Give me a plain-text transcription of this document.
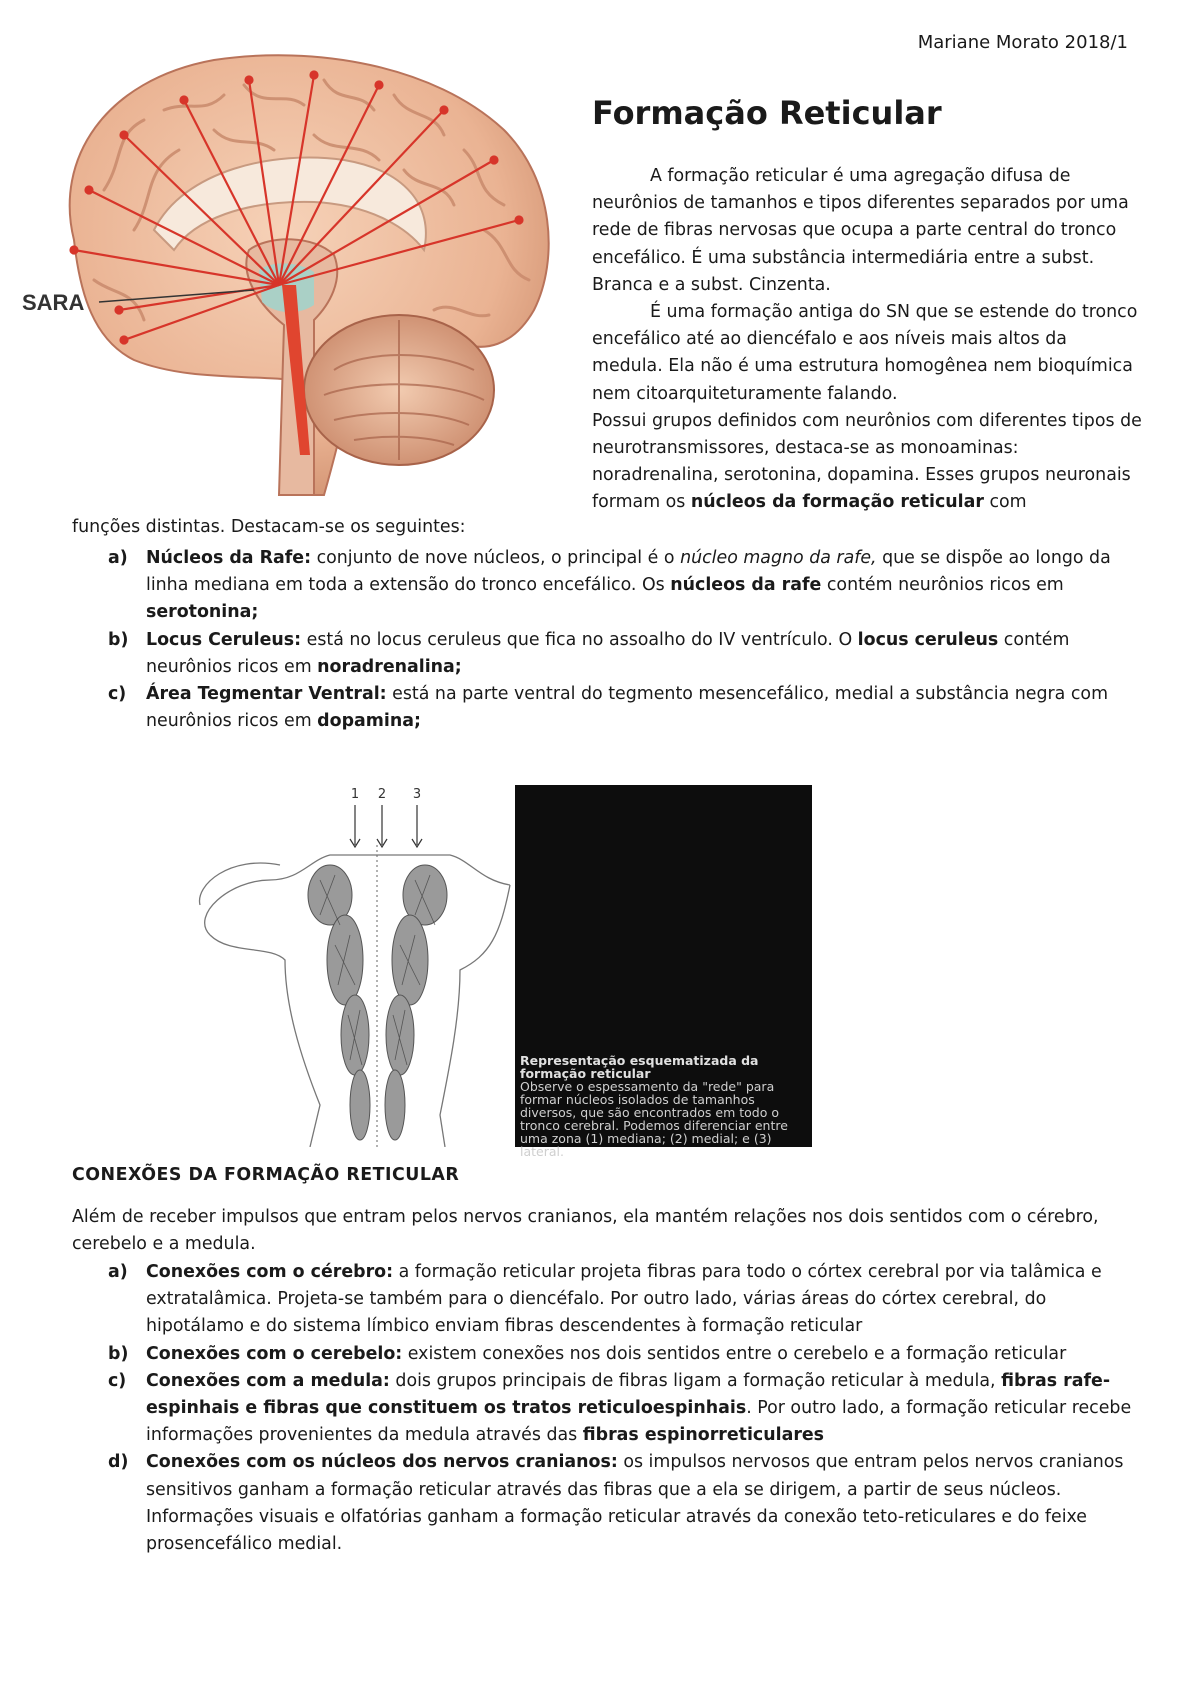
Mariane Morato 2018/1
SARA
Formação Reticular

A formação reticular é uma agregação difusa de neurônios de tamanhos e tipos diferentes separados por uma rede de fibras nervosas que ocupa a parte central do tronco encefálico. É uma substância intermediária entre a subst. Branca e a subst. Cinzenta.

É uma formação antiga do SN que se estende do tronco encefálico até ao diencéfalo e aos níveis mais altos da medula. Ela não é uma estrutura homogênea nem bioquímica nem citoarquiteturamente falando.

Possui grupos definidos com neurônios com diferentes tipos de neurotransmissores, destaca-se as monoaminas: noradrenalina, serotonina, dopamina. Esses grupos neuronais formam os núcleos da formação reticular com

funções distintas. Destacam-se os seguintes:

a) Núcleos da Rafe: conjunto de nove núcleos, o principal é o núcleo magno da rafe, que se dispõe ao longo da linha mediana em toda a extensão do tronco encefálico. Os núcleos da rafe contém neurônios ricos em serotonina;
b) Locus Ceruleus: está no locus ceruleus que fica no assoalho do IV ventrículo. O locus ceruleus contém neurônios ricos em noradrenalina;
c) Área Tegmentar Ventral: está na parte ventral do tegmento mesencefálico, medial a substância negra com neurônios ricos em dopamina;
1 2 3
Representação esquematizada da formação reticular
Observe o espessamento da "rede" para formar núcleos isolados de tamanhos diversos, que são encontrados em todo o tronco cerebral. Podemos diferenciar entre uma zona (1) mediana; (2) medial; e (3) lateral.
CONEXÕES DA FORMAÇÃO RETICULAR

Além de receber impulsos que entram pelos nervos cranianos, ela mantém relações nos dois sentidos com o cérebro, cerebelo e a medula.

a) Conexões com o cérebro: a formação reticular projeta fibras para todo o córtex cerebral por via talâmica e extratalâmica. Projeta-se também para o diencéfalo. Por outro lado, várias áreas do córtex cerebral, do hipotálamo e do sistema límbico enviam fibras descendentes à formação reticular
b) Conexões com o cerebelo: existem conexões nos dois sentidos entre o cerebelo e a formação reticular
c) Conexões com a medula: dois grupos principais de fibras ligam a formação reticular à medula, fibras rafe-espinhais e fibras que constituem os tratos reticuloespinhais. Por outro lado, a formação reticular recebe informações provenientes da medula através das fibras espinorreticulares
d) Conexões com os núcleos dos nervos cranianos: os impulsos nervosos que entram pelos nervos cranianos sensitivos ganham a formação reticular através das fibras que a ela se dirigem, a partir de seus núcleos. Informações visuais e olfatórias ganham a formação reticular através da conexão teto-reticulares e do feixe prosencefálico medial.
